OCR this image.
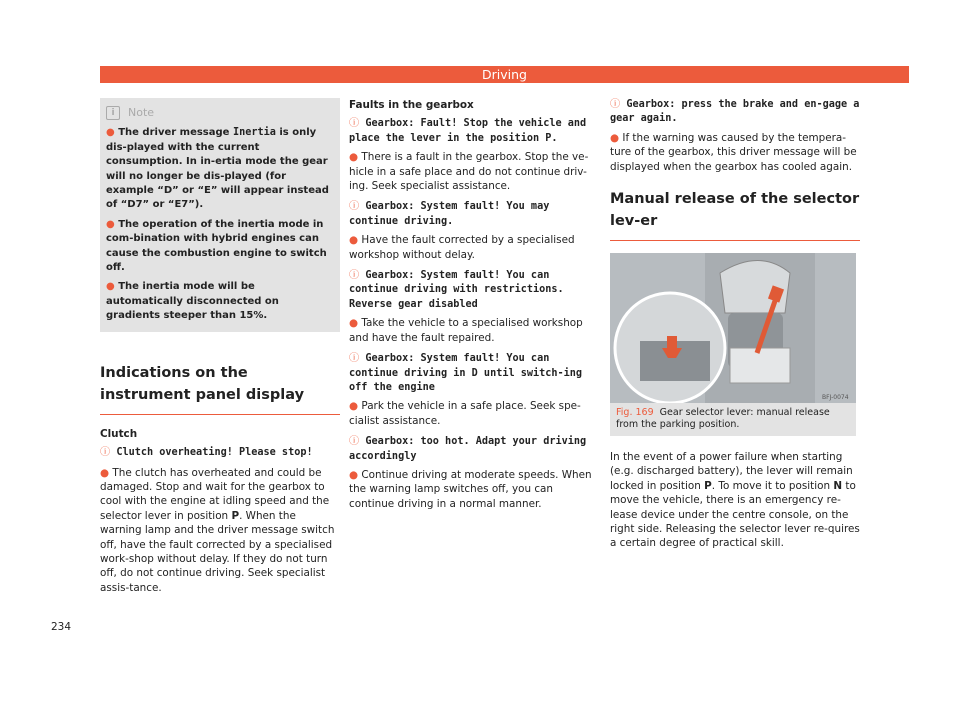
Driving
i	Note

● The driver message Inertia is only dis-played with the current consumption. In in-ertia mode the gear will no longer be dis-played (for example “D” or “E” will appear instead of “D7” or “E7”).

● The operation of the inertia mode in com-bination with hybrid engines can cause the combustion engine to switch off.

● The inertia mode will be automatically disconnected on gradients steeper than 15%.

Indications on the instrument panel display

Clutch

ⓘ Clutch overheating! Please stop!

● The clutch has overheated and could be damaged. Stop and wait for the gearbox to cool with the engine at idling speed and the selector lever in position P. When the warning lamp and the driver message switch off, have the fault corrected by a specialised work-shop without delay. If they do not turn off, do not continue driving. Seek specialist assis-tance.

Faults in the gearbox

ⓘ Gearbox: Fault! Stop the vehicle and place the lever in the position P.

● There is a fault in the gearbox. Stop the ve-hicle in a safe place and do not continue driv-ing. Seek specialist assistance.

ⓘ Gearbox: System fault! You may continue driving.

● Have the fault corrected by a specialised workshop without delay.

ⓘ Gearbox: System fault! You can continue driving with restrictions. Reverse gear disabled

● Take the vehicle to a specialised workshop and have the fault repaired.

ⓘ Gearbox: System fault! You can continue driving in D until switch-ing off the engine

● Park the vehicle in a safe place. Seek spe-cialist assistance.

ⓘ Gearbox: too hot. Adapt your driving accordingly

● Continue driving at moderate speeds. When the warning lamp switches off, you can continue driving in a normal manner.

ⓘ Gearbox: press the brake and en-gage a gear again.

● If the warning was caused by the tempera-ture of the gearbox, this driver message will be displayed when the gearbox has cooled again.

Manual release of the selector lev-er
BFJ-0074
Fig. 169 Gear selector lever: manual release from the parking position.

In the event of a power failure when starting (e.g. discharged battery), the lever will remain locked in position P. To move it to position N to move the vehicle, there is an emergency re-lease device under the centre console, on the right side. Releasing the selector lever re-quires a certain degree of practical skill.

234
